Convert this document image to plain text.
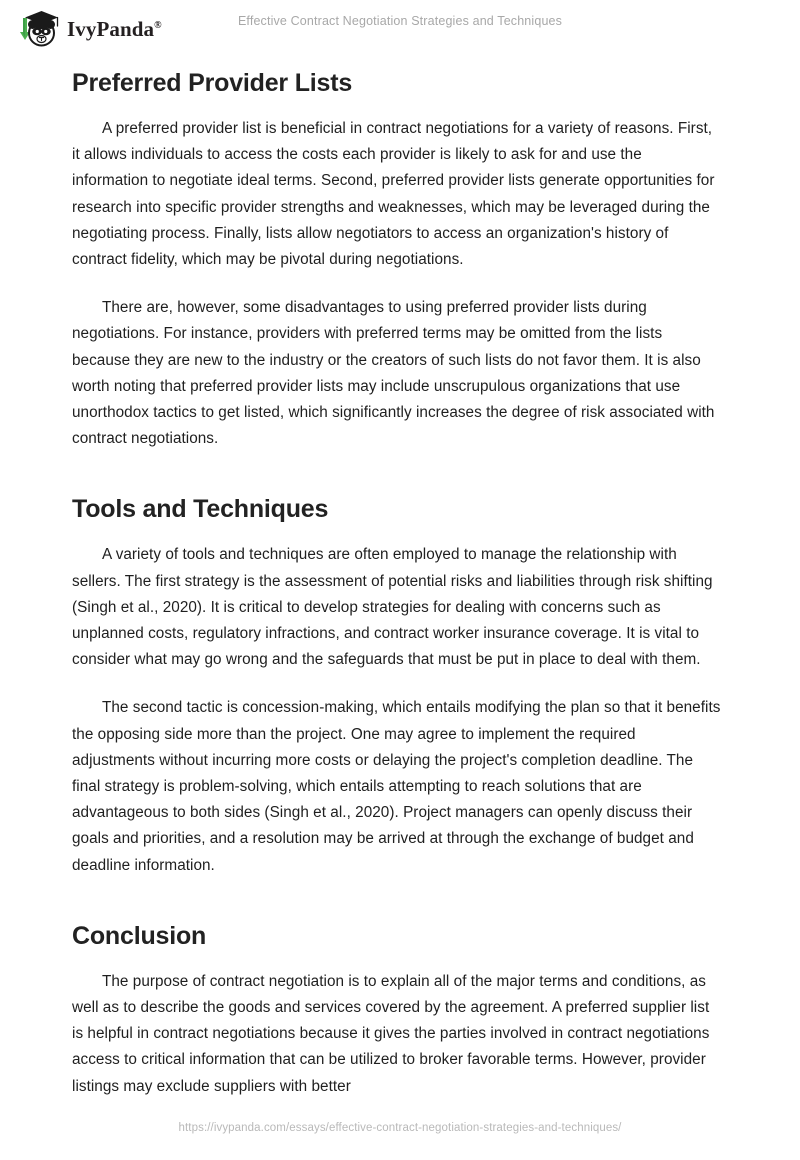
IvyPanda®	Effective Contract Negotiation Strategies and Techniques
Preferred Provider Lists

A preferred provider list is beneficial in contract negotiations for a variety of reasons. First, it allows individuals to access the costs each provider is likely to ask for and use the information to negotiate ideal terms. Second, preferred provider lists generate opportunities for research into specific provider strengths and weaknesses, which may be leveraged during the negotiating process. Finally, lists allow negotiators to access an organization's history of contract fidelity, which may be pivotal during negotiations.

There are, however, some disadvantages to using preferred provider lists during negotiations. For instance, providers with preferred terms may be omitted from the lists because they are new to the industry or the creators of such lists do not favor them. It is also worth noting that preferred provider lists may include unscrupulous organizations that use unorthodox tactics to get listed, which significantly increases the degree of risk associated with contract negotiations.

Tools and Techniques

A variety of tools and techniques are often employed to manage the relationship with sellers. The first strategy is the assessment of potential risks and liabilities through risk shifting (Singh et al., 2020). It is critical to develop strategies for dealing with concerns such as unplanned costs, regulatory infractions, and contract worker insurance coverage. It is vital to consider what may go wrong and the safeguards that must be put in place to deal with them.

The second tactic is concession-making, which entails modifying the plan so that it benefits the opposing side more than the project. One may agree to implement the required adjustments without incurring more costs or delaying the project's completion deadline. The final strategy is problem-solving, which entails attempting to reach solutions that are advantageous to both sides (Singh et al., 2020). Project managers can openly discuss their goals and priorities, and a resolution may be arrived at through the exchange of budget and deadline information.

Conclusion

The purpose of contract negotiation is to explain all of the major terms and conditions, as well as to describe the goods and services covered by the agreement. A preferred supplier list is helpful in contract negotiations because it gives the parties involved in contract negotiations access to critical information that can be utilized to broker favorable terms. However, provider listings may exclude suppliers with better

https://ivypanda.com/essays/effective-contract-negotiation-strategies-and-techniques/
